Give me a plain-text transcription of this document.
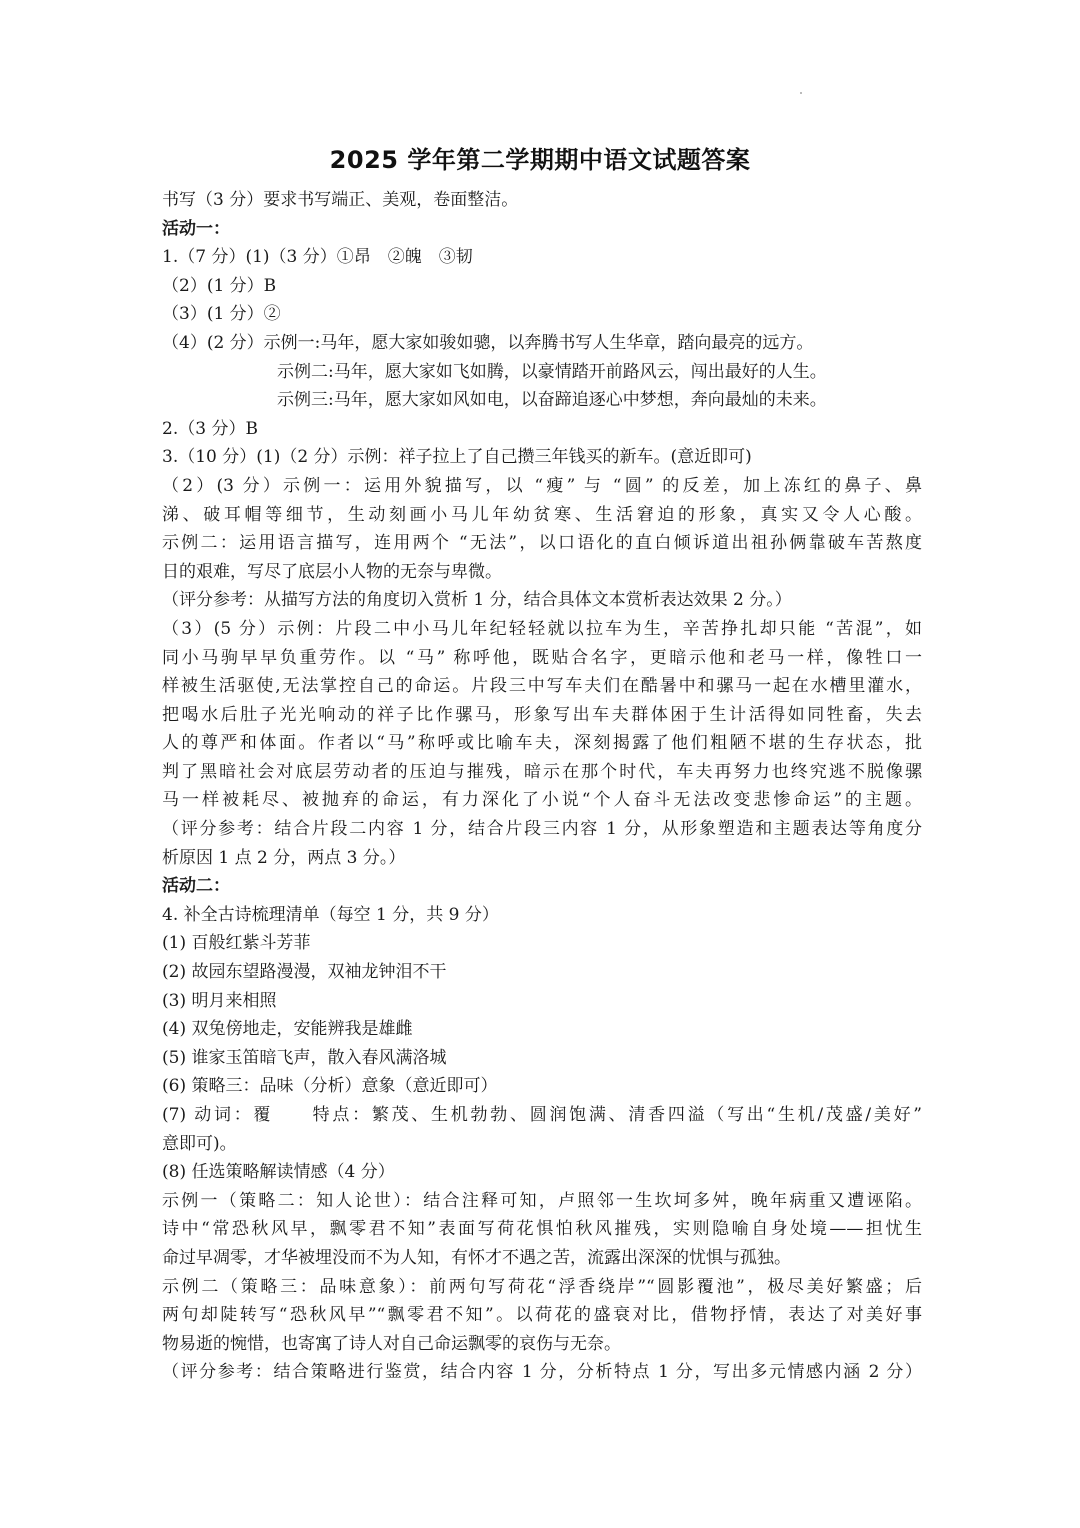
2025 学年第二学期期中语文试题答案
书写（3 分）要求书写端正、美观，卷面整洁。
活动一：
1.（7 分）(1)（3 分）①昂　②魄　③韧
（2）(1 分）B
（3）(1 分）②
（4）(2 分）示例一:马年，愿大家如骏如骢，以奔腾书写人生华章，踏向最亮的远方。
示例二:马年，愿大家如飞如腾，以豪情踏开前路风云，闯出最好的人生。
示例三:马年，愿大家如风如电，以奋蹄追逐心中梦想，奔向最灿的未来。
2.（3 分）B
3.（10 分）(1)（2 分）示例：祥子拉上了自己攒三年钱买的新车。(意近即可)
（2）(3 分）示例一：运用外貌描写，以 “瘦” 与 “圆” 的反差，加上冻红的鼻子、鼻
涕、破耳帽等细节，生动刻画小马儿年幼贫寒、生活窘迫的形象，真实又令人心酸。
示例二：运用语言描写，连用两个 “无法”，以口语化的直白倾诉道出祖孙俩靠破车苦熬度
日的艰难，写尽了底层小人物的无奈与卑微。
（评分参考：从描写方法的角度切入赏析 1 分，结合具体文本赏析表达效果 2 分。）
（3）(5 分）示例：片段二中小马儿年纪轻轻就以拉车为生，辛苦挣扎却只能 “苦混”，如
同小马驹早早负重劳作。以 “马” 称呼他，既贴合名字，更暗示他和老马一样，像牲口一
样被生活驱使,无法掌控自己的命运。片段三中写车夫们在酷暑中和骡马一起在水槽里灌水，
把喝水后肚子光光响动的祥子比作骡马，形象写出车夫群体困于生计活得如同牲畜，失去
人的尊严和体面。作者以“马”称呼或比喻车夫，深刻揭露了他们粗陋不堪的生存状态，批
判了黑暗社会对底层劳动者的压迫与摧残，暗示在那个时代，车夫再努力也终究逃不脱像骡
马一样被耗尽、被抛弃的命运，有力深化了小说“个人奋斗无法改变悲惨命运”的主题。
（评分参考：结合片段二内容 1 分，结合片段三内容 1 分，从形象塑造和主题表达等角度分
析原因 1 点 2 分，两点 3 分。）
活动二：
4. 补全古诗梳理清单（每空 1 分，共 9 分）
(1) 百般红紫斗芳菲
(2) 故园东望路漫漫，双袖龙钟泪不干
(3) 明月来相照
(4) 双兔傍地走，安能辨我是雄雌
(5) 谁家玉笛暗飞声，散入春风满洛城
(6) 策略三：品味（分析）意象（意近即可）
(7) 动词：覆　　特点：繁茂、生机勃勃、圆润饱满、清香四溢（写出“生机/茂盛/美好”
意即可)。
(8) 任选策略解读情感（4 分）
示例一（策略二：知人论世）：结合注释可知，卢照邻一生坎坷多舛，晚年病重又遭诬陷。
诗中“常恐秋风早，飘零君不知”表面写荷花惧怕秋风摧残，实则隐喻自身处境——担忧生
命过早凋零，才华被埋没而不为人知，有怀才不遇之苦，流露出深深的忧惧与孤独。
示例二（策略三：品味意象）：前两句写荷花“浮香绕岸”“圆影覆池”，极尽美好繁盛；后
两句却陡转写“恐秋风早”“飘零君不知”。以荷花的盛衰对比，借物抒情，表达了对美好事
物易逝的惋惜，也寄寓了诗人对自己命运飘零的哀伤与无奈。
（评分参考：结合策略进行鉴赏，结合内容 1 分，分析特点 1 分，写出多元情感内涵 2 分）
